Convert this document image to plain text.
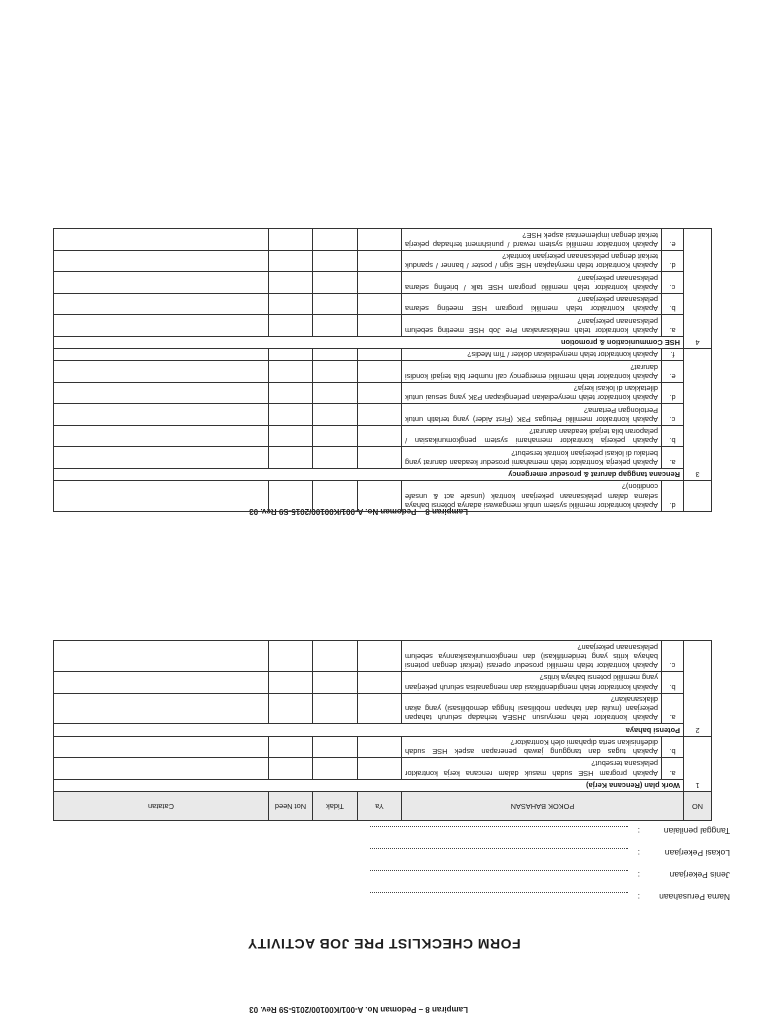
Lampiran 8 – Pedoman No. A-001/K00100/2015-S9 Rev. 03
FORM CHECKLIST PRE JOB ACTIVITY
Nama Perusahaan
:
Jenis Pekerjaan
:
Lokasi Pekerjaan
:
Tanggal penilaian
:
NO	POKOK BAHASAN		Ya	Tidak	Not Need	Catatan
1	Work plan (Rencana Kerja)					
	a.	Apakah program HSE sudah masuk dalam rencana kerja kontraktor pelaksana tersebut?				
	b.	Apakah tugas dan tanggung jawab penerapan aspek HSE sudah didefinisikan serta dipahami oleh Kontraktor?				
2	Potensi bahaya					
	a.	Apakah kontraktor telah menyusun JHSEA terhadap seluruh tahapan pekerjaan (mulai dari tahapan mobilisasi hingga demobilisasi) yang akan dilaksanakan?				
	b.	Apakah kontraktor telah mengidentifikasi dan menganalisa seluruh pekerjaan yang memiliki potensi bahaya kritis?				
	c.	Apakah kontraktor telah memiliki prosedur operasi (terkait dengan potensi bahaya kritis yang teridentifikasi) dan mengkomunikasikannya sebelum pelaksanaan pekerjaan?				
Lampiran 8 – Pedoman No. A-001/K00100/2015-S9 Rev. 03
	d.	Apakah kontraktor memiliki system untuk mengawasi adanya potensi bahaya selama dalam pelaksanaan pekerjaan kontrak (unsafe act & unsafe condition)?				
3	Rencana tanggap darurat & prosedur emergency					
	a.	Apakah pekerja Kontraktor telah memahami prosedur keadaan darurat yang berlaku di lokasi pekerjaan kontrak tersebut?				
	b.	Apakah pekerja kontraktor memahami system pengkomunikasian / pelaporan bila terjadi keadaan darurat?				
	c.	Apakah kontraktor memiliki Petugas P3K (First Aider) yang terlatih untuk Pertolongan Pertama?				
	d.	Apakah kontraktor telah menyediakan perlengkapan P3K yang sesuai untuk diletakkan di lokasi kerja?				
	e.	Apakah kontraktor telah memiliki emergency call number bila terjadi kondisi darurat?				
	f.	Apakah kontraktor telah menyediakan dokter / Tim Medis?				
4	HSE Communication & promotion					
	a.	Apakah kontraktor telah melaksanakan Pre Job HSE meeting sebelum pelaksanaan pekerjaan?				
	b.	Apakah Kontraktor telah memiliki program HSE meeting selama pelaksanaan pekerjaan?				
	c.	Apakah kontraktor telah memiliki program HSE talk / briefing selama pelaksanaan pekerjaan?				
	d.	Apakah Kontraktor telah menyiapkan HSE sign / poster / banner / spanduk terkait dengan pelaksanaan pekerjaan kontrak?				
	e.	Apakah kontraktor memiliki system reward / punishment terhadap pekerja terkait dengan implementasi aspek HSE?				
